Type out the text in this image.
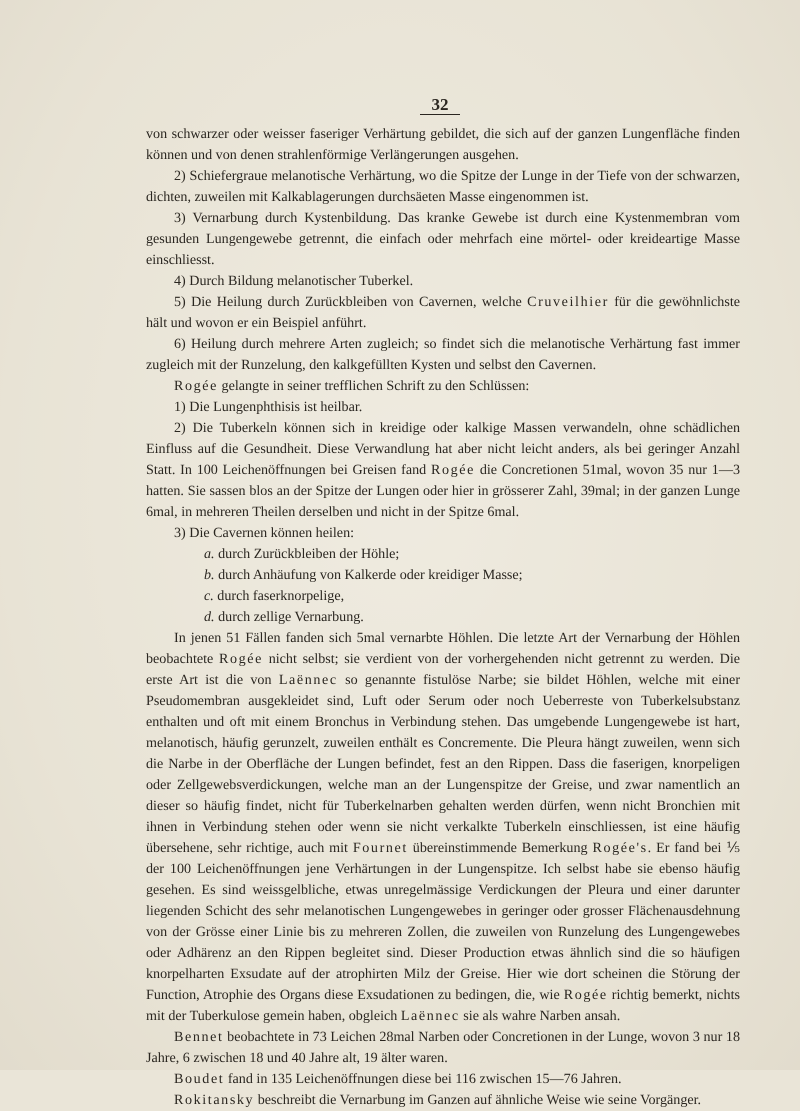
32

von schwarzer oder weisser faseriger Verhärtung gebildet, die sich auf der ganzen Lungenfläche finden können und von denen strahlenförmige Verlängerungen ausgehen.

2) Schiefergraue melanotische Verhärtung, wo die Spitze der Lunge in der Tiefe von der schwarzen, dichten, zuweilen mit Kalkablagerungen durchsäeten Masse eingenommen ist.

3) Vernarbung durch Kystenbildung. Das kranke Gewebe ist durch eine Kystenmembran vom gesunden Lungengewebe getrennt, die einfach oder mehrfach eine mörtel- oder kreideartige Masse einschliesst.

4) Durch Bildung melanotischer Tuberkel.

5) Die Heilung durch Zurückbleiben von Cavernen, welche Cruveilhier für die gewöhnlichste hält und wovon er ein Beispiel anführt.

6) Heilung durch mehrere Arten zugleich; so findet sich die melanotische Verhärtung fast immer zugleich mit der Runzelung, den kalkgefüllten Kysten und selbst den Cavernen.

Rogée gelangte in seiner trefflichen Schrift zu den Schlüssen:

1) Die Lungenphthisis ist heilbar.

2) Die Tuberkeln können sich in kreidige oder kalkige Massen verwandeln, ohne schädlichen Einfluss auf die Gesundheit. Diese Verwandlung hat aber nicht leicht anders, als bei geringer Anzahl Statt. In 100 Leichenöffnungen bei Greisen fand Rogée die Concretionen 51mal, wovon 35 nur 1—3 hatten. Sie sassen blos an der Spitze der Lungen oder hier in grösserer Zahl, 39mal; in der ganzen Lunge 6mal, in mehreren Theilen derselben und nicht in der Spitze 6mal.

3) Die Cavernen können heilen:

a. durch Zurückbleiben der Höhle;

b. durch Anhäufung von Kalkerde oder kreidiger Masse;

c. durch faserknorpelige,

d. durch zellige Vernarbung.

In jenen 51 Fällen fanden sich 5mal vernarbte Höhlen. Die letzte Art der Vernarbung der Höhlen beobachtete Rogée nicht selbst; sie verdient von der vorhergehenden nicht getrennt zu werden. Die erste Art ist die von Laënnec so genannte fistulöse Narbe; sie bildet Höhlen, welche mit einer Pseudomembran ausgekleidet sind, Luft oder Serum oder noch Ueberreste von Tuberkelsubstanz enthalten und oft mit einem Bronchus in Verbindung stehen. Das umgebende Lungengewebe ist hart, melanotisch, häufig gerunzelt, zuweilen enthält es Concremente. Die Pleura hängt zuweilen, wenn sich die Narbe in der Oberfläche der Lungen befindet, fest an den Rippen. Dass die faserigen, knorpeligen oder Zellgewebsverdickungen, welche man an der Lungenspitze der Greise, und zwar namentlich an dieser so häufig findet, nicht für Tuberkelnarben gehalten werden dürfen, wenn nicht Bronchien mit ihnen in Verbindung stehen oder wenn sie nicht verkalkte Tuberkeln einschliessen, ist eine häufig übersehene, sehr richtige, auch mit Fournet übereinstimmende Bemerkung Rogée's. Er fand bei ⅕ der 100 Leichenöffnungen jene Verhärtungen in der Lungenspitze. Ich selbst habe sie ebenso häufig gesehen. Es sind weissgelbliche, etwas unregelmässige Verdickungen der Pleura und einer darunter liegenden Schicht des sehr melanotischen Lungengewebes in geringer oder grosser Flächenausdehnung von der Grösse einer Linie bis zu mehreren Zollen, die zuweilen von Runzelung des Lungengewebes oder Adhärenz an den Rippen begleitet sind. Dieser Production etwas ähnlich sind die so häufigen knorpelharten Exsudate auf der atrophirten Milz der Greise. Hier wie dort scheinen die Störung der Function, Atrophie des Organs diese Exsudationen zu bedingen, die, wie Rogée richtig bemerkt, nichts mit der Tuberkulose gemein haben, obgleich Laënnec sie als wahre Narben ansah.

Bennet beobachtete in 73 Leichen 28mal Narben oder Concretionen in der Lunge, wovon 3 nur 18 Jahre, 6 zwischen 18 und 40 Jahre alt, 19 älter waren.

Boudet fand in 135 Leichenöffnungen diese bei 116 zwischen 15—76 Jahren.

Rokitansky beschreibt die Vernarbung im Ganzen auf ähnliche Weise wie seine Vorgänger.
